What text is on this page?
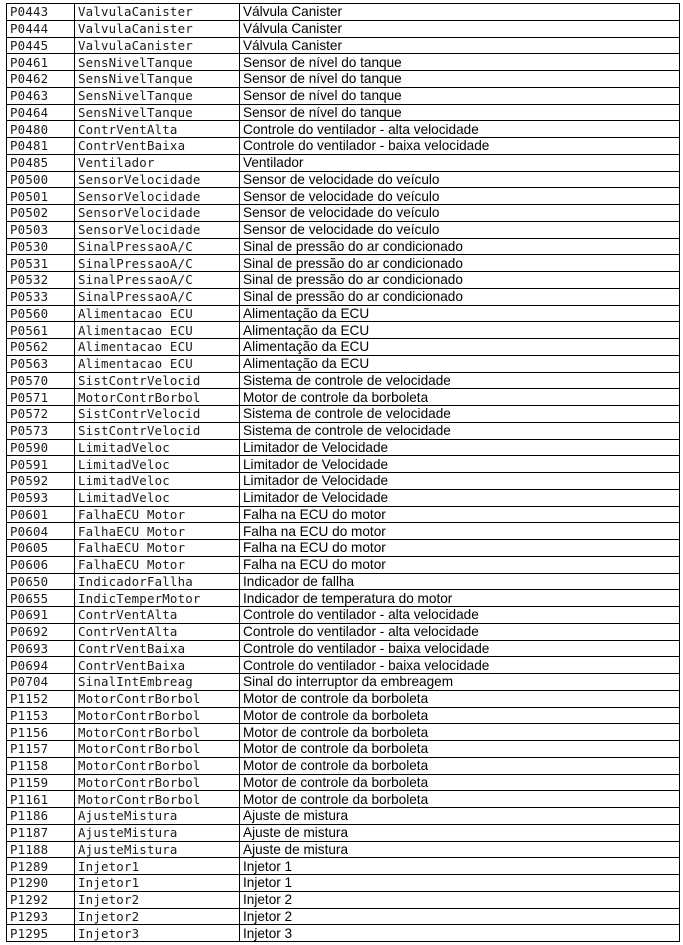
P0443	ValvulaCanister	Válvula Canister
P0444	ValvulaCanister	Válvula Canister
P0445	ValvulaCanister	Válvula Canister
P0461	SensNivelTanque	Sensor de nível do tanque
P0462	SensNivelTanque	Sensor de nível do tanque
P0463	SensNivelTanque	Sensor de nível do tanque
P0464	SensNivelTanque	Sensor de nível do tanque
P0480	ContrVentAlta	Controle do ventilador - alta velocidade
P0481	ContrVentBaixa	Controle do ventilador - baixa velocidade
P0485	Ventilador	Ventilador
P0500	SensorVelocidade	Sensor de velocidade do veículo
P0501	SensorVelocidade	Sensor de velocidade do veículo
P0502	SensorVelocidade	Sensor de velocidade do veículo
P0503	SensorVelocidade	Sensor de velocidade do veículo
P0530	SinalPressaoA/C	Sinal de pressão do ar condicionado
P0531	SinalPressaoA/C	Sinal de pressão do ar condicionado
P0532	SinalPressaoA/C	Sinal de pressão do ar condicionado
P0533	SinalPressaoA/C	Sinal de pressão do ar condicionado
P0560	Alimentacao ECU	Alimentação da ECU
P0561	Alimentacao ECU	Alimentação da ECU
P0562	Alimentacao ECU	Alimentação da ECU
P0563	Alimentacao ECU	Alimentação da ECU
P0570	SistContrVelocid	Sistema de controle de velocidade
P0571	MotorContrBorbol	Motor de controle da borboleta
P0572	SistContrVelocid	Sistema de controle de velocidade
P0573	SistContrVelocid	Sistema de controle de velocidade
P0590	LimitadVeloc	Limitador de Velocidade
P0591	LimitadVeloc	Limitador de Velocidade
P0592	LimitadVeloc	Limitador de Velocidade
P0593	LimitadVeloc	Limitador de Velocidade
P0601	FalhaECU Motor	Falha na ECU do motor
P0604	FalhaECU Motor	Falha na ECU do motor
P0605	FalhaECU Motor	Falha na ECU do motor
P0606	FalhaECU Motor	Falha na ECU do motor
P0650	IndicadorFallha	Indicador de fallha
P0655	IndicTemperMotor	Indicador de temperatura do motor
P0691	ContrVentAlta	Controle do ventilador - alta velocidade
P0692	ContrVentAlta	Controle do ventilador - alta velocidade
P0693	ContrVentBaixa	Controle do ventilador - baixa velocidade
P0694	ContrVentBaixa	Controle do ventilador - baixa velocidade
P0704	SinalIntEmbreag	Sinal do interruptor da embreagem
P1152	MotorContrBorbol	Motor de controle da borboleta
P1153	MotorContrBorbol	Motor de controle da borboleta
P1156	MotorContrBorbol	Motor de controle da borboleta
P1157	MotorContrBorbol	Motor de controle da borboleta
P1158	MotorContrBorbol	Motor de controle da borboleta
P1159	MotorContrBorbol	Motor de controle da borboleta
P1161	MotorContrBorbol	Motor de controle da borboleta
P1186	AjusteMistura	Ajuste de mistura
P1187	AjusteMistura	Ajuste de mistura
P1188	AjusteMistura	Ajuste de mistura
P1289	Injetor1	Injetor 1
P1290	Injetor1	Injetor 1
P1292	Injetor2	Injetor 2
P1293	Injetor2	Injetor 2
P1295	Injetor3	Injetor 3
